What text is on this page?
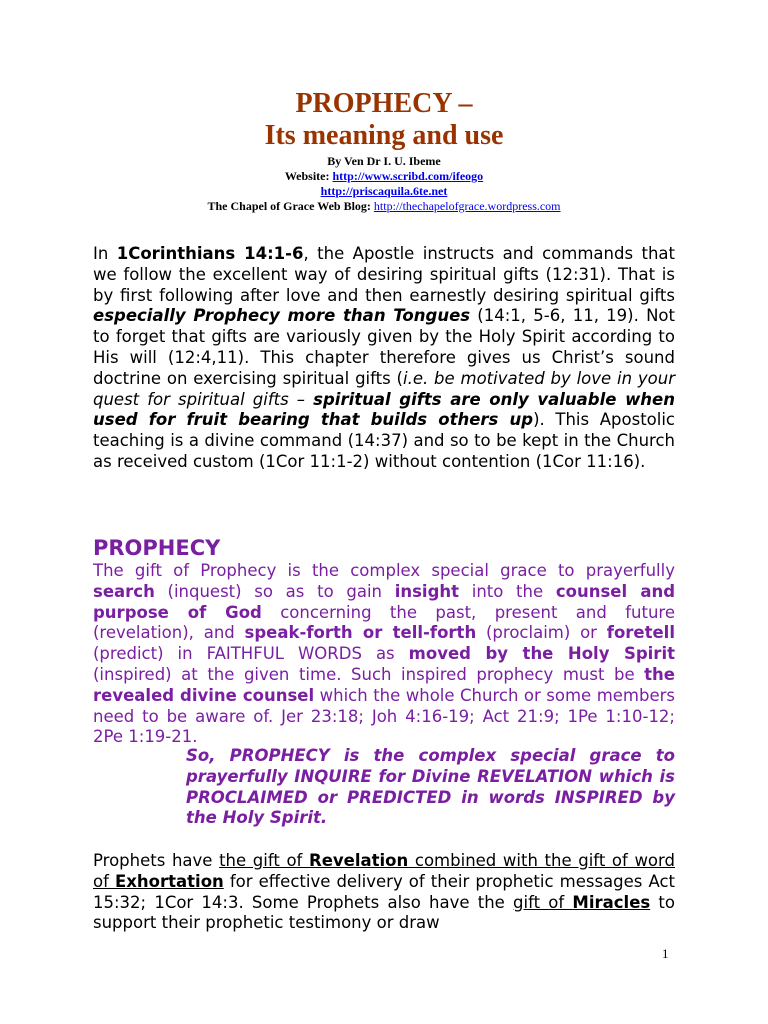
PROPHECY –
Its meaning and use
By Ven Dr I. U. Ibeme
Website: http://www.scribd.com/ifeogo
http://priscaquila.6te.net
The Chapel of Grace Web Blog: http://thechapelofgrace.wordpress.com
In 1Corinthians 14:1-6, the Apostle instructs and commands that we follow the excellent way of desiring spiritual gifts (12:31). That is by first following after love and then earnestly desiring spiritual gifts especially Prophecy more than Tongues (14:1, 5-6, 11, 19). Not to forget that gifts are variously given by the Holy Spirit according to His will (12:4,11). This chapter therefore gives us Christ’s sound doctrine on exercising spiritual gifts (i.e. be motivated by love in your quest for spiritual gifts – spiritual gifts are only valuable when used for fruit bearing that builds others up). This Apostolic teaching is a divine command (14:37) and so to be kept in the Church as received custom (1Cor 11:1-2) without contention (1Cor 11:16).
PROPHECY
The gift of Prophecy is the complex special grace to prayerfully search (inquest) so as to gain insight into the counsel and purpose of God concerning the past, present and future (revelation), and speak-forth or tell-forth (proclaim) or foretell (predict) in FAITHFUL WORDS as moved by the Holy Spirit (inspired) at the given time. Such inspired prophecy must be the revealed divine counsel which the whole Church or some members need to be aware of. Jer 23:18; Joh 4:16-19; Act 21:9; 1Pe 1:10-12; 2Pe 1:19-21.
So, PROPHECY is the complex special grace to prayerfully INQUIRE for Divine REVELATION which is PROCLAIMED or PREDICTED in words INSPIRED by the Holy Spirit.
Prophets have the gift of Revelation combined with the gift of word of Exhortation for effective delivery of their prophetic messages Act 15:32; 1Cor 14:3. Some Prophets also have the gift of Miracles to support their prophetic testimony or draw
1
